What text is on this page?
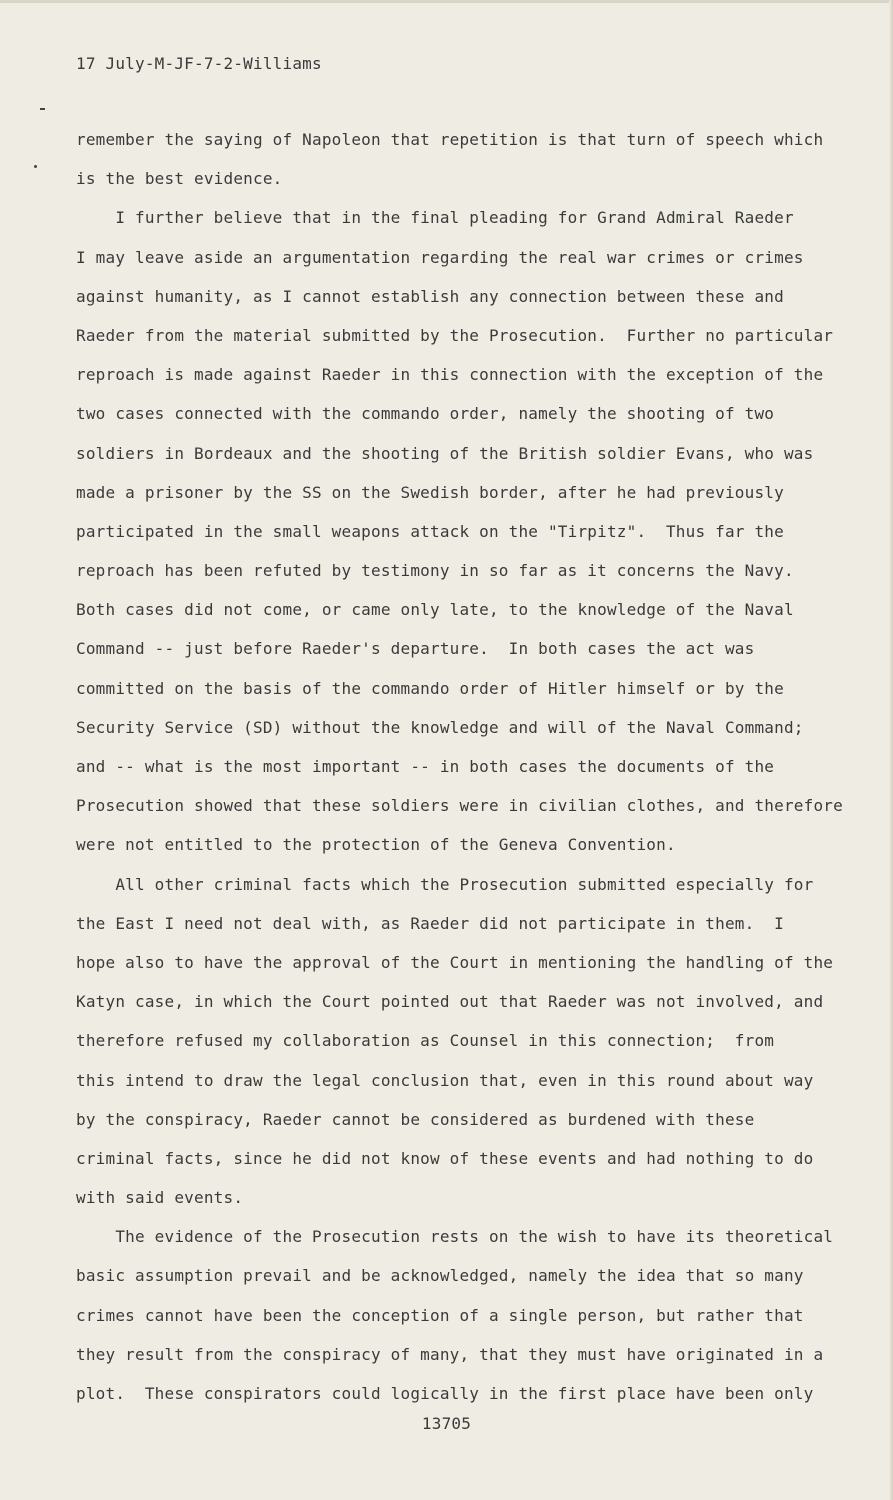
17 July-M-JF-7-2-Williams
remember the saying of Napoleon that repetition is that turn of speech which
is the best evidence.
I further believe that in the final pleading for Grand Admiral Raeder
I may leave aside an argumentation regarding the real war crimes or crimes
against humanity, as I cannot establish any connection between these and
Raeder from the material submitted by the Prosecution.  Further no particular
reproach is made against Raeder in this connection with the exception of the
two cases connected with the commando order, namely the shooting of two
soldiers in Bordeaux and the shooting of the British soldier Evans, who was
made a prisoner by the SS on the Swedish border, after he had previously
participated in the small weapons attack on the "Tirpitz".  Thus far the
reproach has been refuted by testimony in so far as it concerns the Navy.
Both cases did not come, or came only late, to the knowledge of the Naval
Command -- just before Raeder's departure.  In both cases the act was
committed on the basis of the commando order of Hitler himself or by the
Security Service (SD) without the knowledge and will of the Naval Command;
and -- what is the most important -- in both cases the documents of the
Prosecution showed that these soldiers were in civilian clothes, and therefore
were not entitled to the protection of the Geneva Convention.
All other criminal facts which the Prosecution submitted especially for
the East I need not deal with, as Raeder did not participate in them.  I
hope also to have the approval of the Court in mentioning the handling of the
Katyn case, in which the Court pointed out that Raeder was not involved, and
therefore refused my collaboration as Counsel in this connection;  from
this intend to draw the legal conclusion that, even in this round about way
by the conspiracy, Raeder cannot be considered as burdened with these
criminal facts, since he did not know of these events and had nothing to do
with said events.
The evidence of the Prosecution rests on the wish to have its theoretical
basic assumption prevail and be acknowledged, namely the idea that so many
crimes cannot have been the conception of a single person, but rather that
they result from the conspiracy of many, that they must have originated in a
plot.  These conspirators could logically in the first place have been only
13705
